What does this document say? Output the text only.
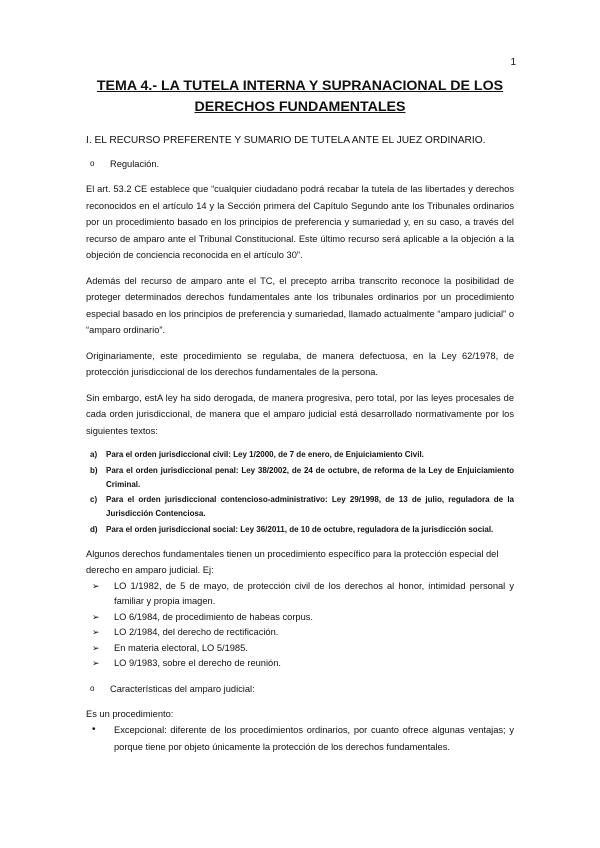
1
TEMA 4.- LA TUTELA INTERNA Y SUPRANACIONAL DE LOS
DERECHOS FUNDAMENTALES
I. EL RECURSO PREFERENTE Y SUMARIO DE TUTELA ANTE EL JUEZ ORDINARIO.
o	Regulación.

El art. 53.2 CE establece que “cualquier ciudadano podrá recabar la tutela de las libertades y derechos reconocidos en el artículo 14 y la Sección primera del Capítulo Segundo ante los Tribunales ordinarios por un procedimiento basado en los principios de preferencia y sumariedad y, en su caso, a través del recurso de amparo ante el Tribunal Constitucional. Este último recurso será aplicable a la objeción a la objeción de conciencia reconocida en el artículo 30”.

Además del recurso de amparo ante el TC, el precepto arriba transcrito reconoce la posibilidad de proteger determinados derechos fundamentales ante los tribunales ordinarios por un procedimiento especial basado en los principios de preferencia y sumariedad, llamado actualmente “amparo judicial” o “amparo ordinario”.

Originariamente, este procedimiento se regulaba, de manera defectuosa, en la Ley 62/1978, de protección jurisdiccional de los derechos fundamentales de la persona.

Sin embargo, estA ley ha sido derogada, de manera progresiva, pero total, por las leyes procesales de cada orden jurisdiccional, de manera que el amparo judicial está desarrollado normativamente por los siguientes textos:

a)	Para el orden jurisdiccional civil: Ley 1/2000, de 7 de enero, de Enjuiciamiento Civil.
b)	Para el orden jurisdiccional penal: Ley 38/2002, de 24 de octubre, de reforma de la Ley de Enjuiciamiento Criminal.
c)	Para el orden jurisdiccional contencioso-administrativo: Ley 29/1998, de 13 de julio, reguladora de la Jurisdicción Contenciosa.
d)	Para el orden jurisdiccional social: Ley 36/2011, de 10 de octubre, reguladora de la jurisdicción social.

Algunos derechos fundamentales tienen un procedimiento específico para la protección especial del derecho en amparo judicial. Ej:

➢	LO 1/1982, de 5 de mayo, de protección civil de los derechos al honor, intimidad personal y familiar y propia imagen.
➢	LO 6/1984, de procedimiento de habeas corpus.
➢	LO 2/1984, del derecho de rectificación.
➢	En materia electoral, LO 5/1985.
➢	LO 9/1983, sobre el derecho de reunión.
o	Características del amparo judicial:

Es un procedimiento:

•	Excepcional: diferente de los procedimientos ordinarios, por cuanto ofrece algunas ventajas; y porque tiene por objeto únicamente la protección de los derechos fundamentales.
